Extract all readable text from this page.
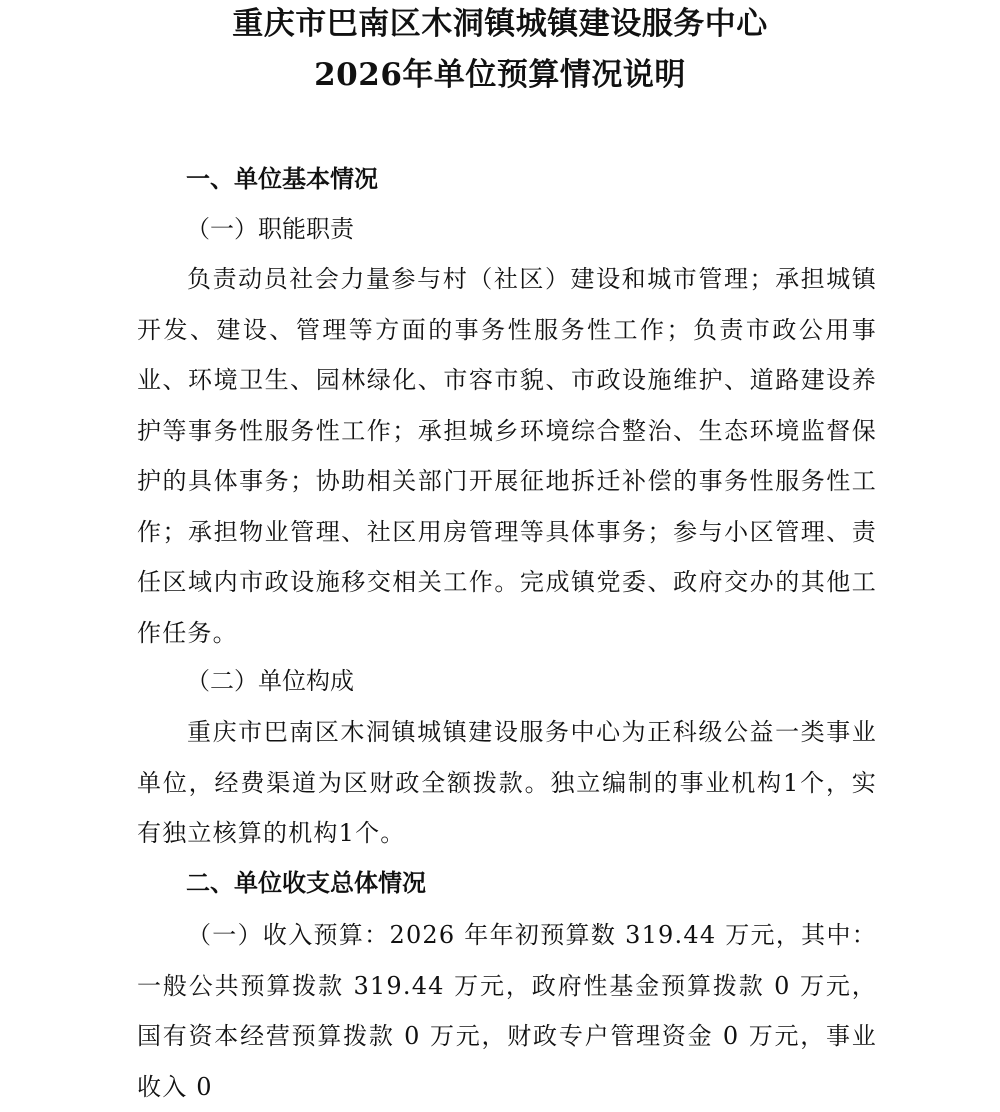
重庆市巴南区木洞镇城镇建设服务中心
2026年单位预算情况说明
一、单位基本情况
（一）职能职责
负责动员社会力量参与村（社区）建设和城市管理；承担城镇开发、建设、管理等方面的事务性服务性工作；负责市政公用事业、环境卫生、园林绿化、市容市貌、市政设施维护、道路建设养护等事务性服务性工作；承担城乡环境综合整治、生态环境监督保护的具体事务；协助相关部门开展征地拆迁补偿的事务性服务性工作；承担物业管理、社区用房管理等具体事务；参与小区管理、责任区域内市政设施移交相关工作。完成镇党委、政府交办的其他工作任务。
（二）单位构成
重庆市巴南区木洞镇城镇建设服务中心为正科级公益一类事业单位，经费渠道为区财政全额拨款。独立编制的事业机构1个，实有独立核算的机构1个。
二、单位收支总体情况
（一）收入预算：2026 年年初预算数 319.44 万元，其中：一般公共预算拨款 319.44 万元，政府性基金预算拨款 0 万元，国有资本经营预算拨款 0 万元，财政专户管理资金 0 万元，事业收入 0
